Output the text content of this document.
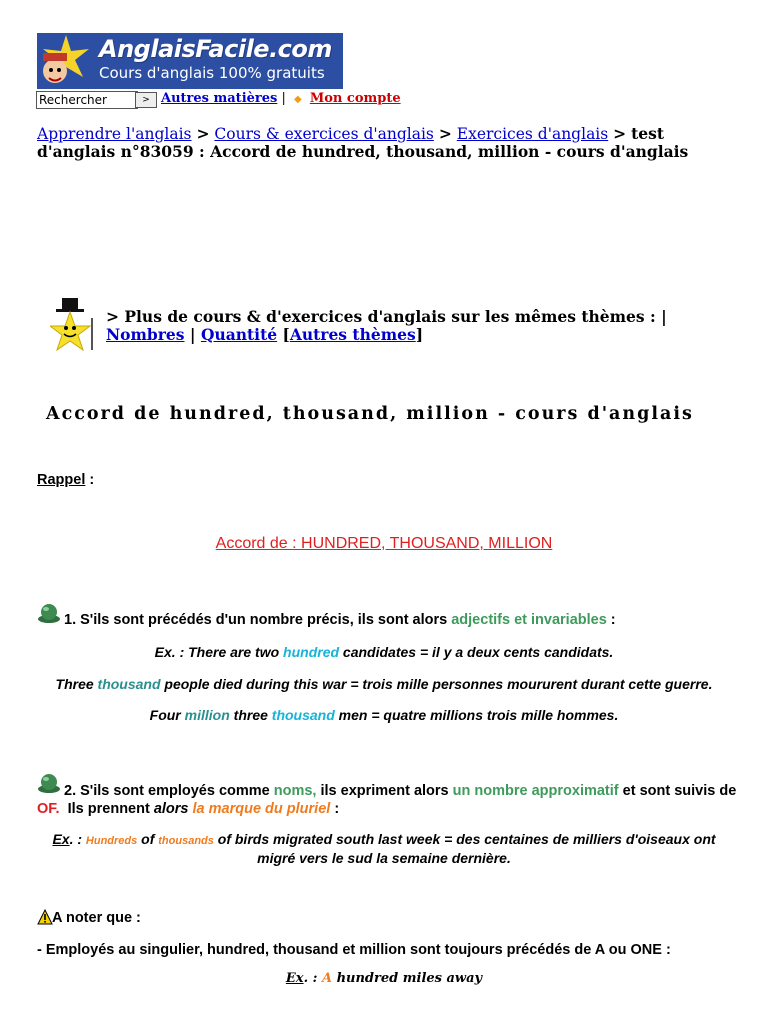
AnglaisFacile.com
Cours d'anglais 100% gratuits
Rechercher	> Autres matières | ◆ Mon compte
Apprendre l'anglais > Cours & exercices d'anglais > Exercices d'anglais > test d'anglais n°83059 : Accord de hundred, thousand, million - cours d'anglais
> Plus de cours & d'exercices d'anglais sur les mêmes thèmes : | Nombres | Quantité [Autres thèmes]
Accord de hundred, thousand, million - cours d'anglais
Rappel :
Accord de : HUNDRED, THOUSAND, MILLION
1. S'ils sont précédés d'un nombre précis, ils sont alors adjectifs et invariables :
Ex. : There are two hundred candidates = il y a deux cents candidats.
Three thousand people died during this war = trois mille personnes moururent durant cette guerre.
Four million three thousand men = quatre millions trois mille hommes.
2. S'ils sont employés comme noms, ils expriment alors un nombre approximatif et sont suivis de
OF.  Ils prennent alors la marque du pluriel :
Ex. : Hundreds of thousands of birds migrated south last week = des centaines de milliers d'oiseaux ont
migré vers le sud la semaine dernière.
A noter que :
- Employés au singulier, hundred, thousand et million sont toujours précédés de A ou ONE :
Ex. : A hundred miles away
